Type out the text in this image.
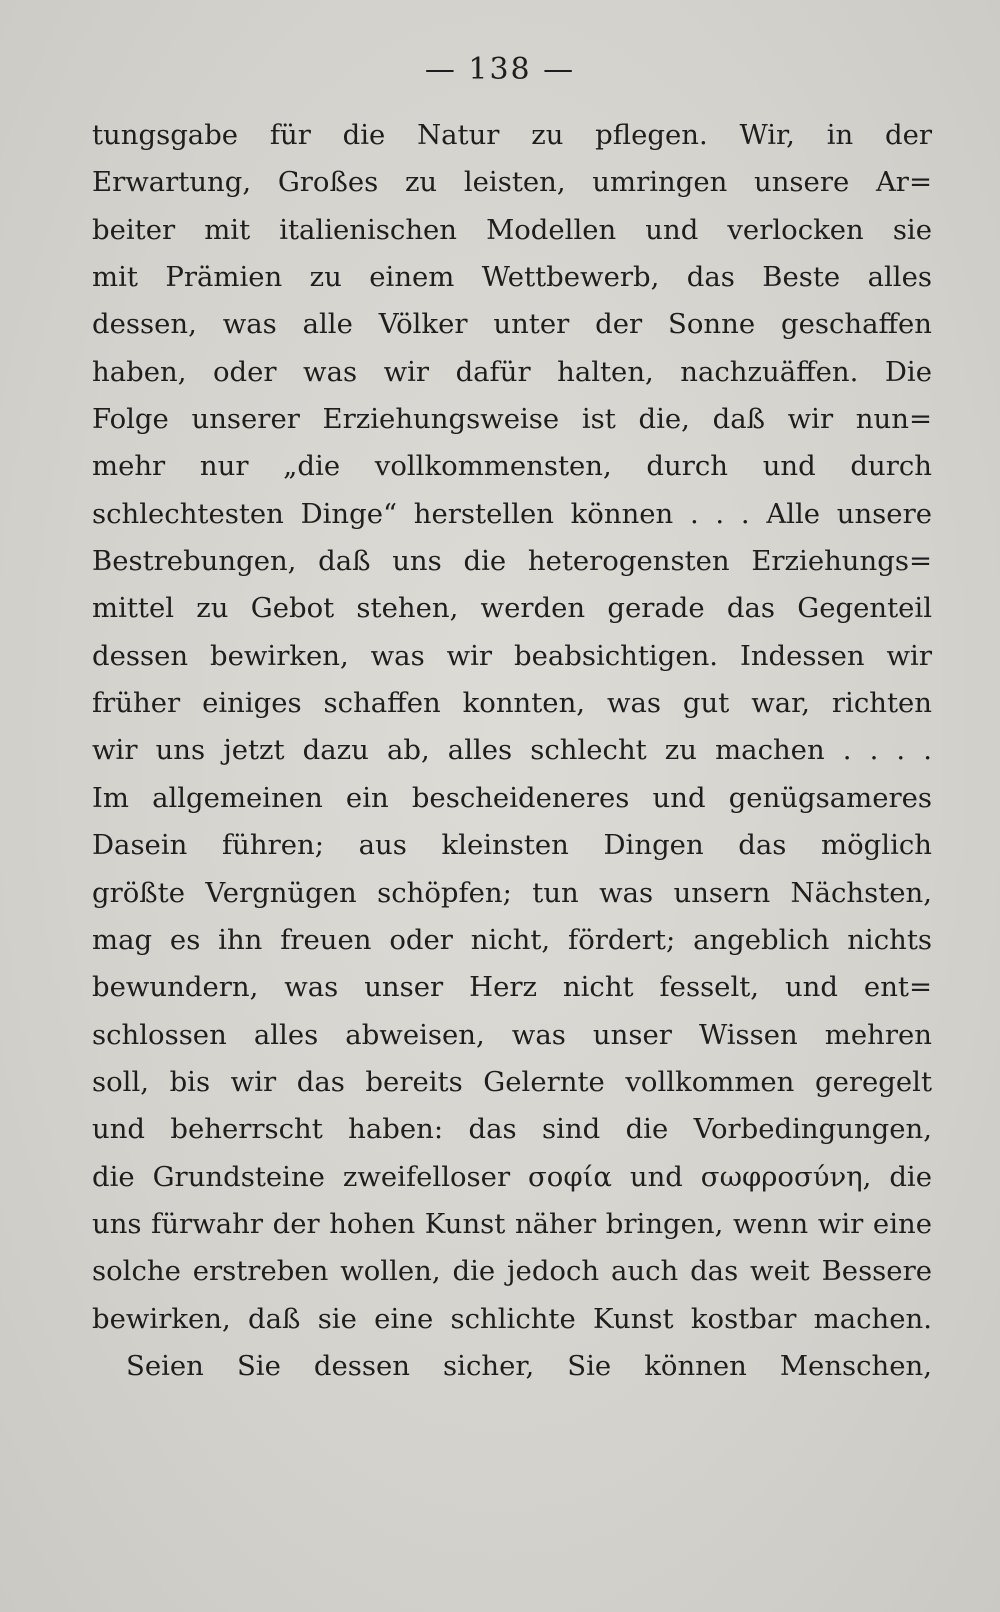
— 138 —
tungsgabe für die Natur zu pflegen. Wir, in der
Erwartung, Großes zu leisten, umringen unsere Ar=
beiter mit italienischen Modellen und verlocken sie
mit Prämien zu einem Wettbewerb, das Beste alles
dessen, was alle Völker unter der Sonne geschaffen
haben, oder was wir dafür halten, nachzuäffen. Die
Folge unserer Erziehungsweise ist die, daß wir nun=
mehr nur „die vollkommensten, durch und durch
schlechtesten Dinge“ herstellen können . . . Alle unsere
Bestrebungen, daß uns die heterogensten Erziehungs=
mittel zu Gebot stehen, werden gerade das Gegenteil
dessen bewirken, was wir beabsichtigen. Indessen wir
früher einiges schaffen konnten, was gut war, richten
wir uns jetzt dazu ab, alles schlecht zu machen . . . .
Im allgemeinen ein bescheideneres und genügsameres
Dasein führen; aus kleinsten Dingen das möglich
größte Vergnügen schöpfen; tun was unsern Nächsten,
mag es ihn freuen oder nicht, fördert; angeblich nichts
bewundern, was unser Herz nicht fesselt, und ent=
schlossen alles abweisen, was unser Wissen mehren
soll, bis wir das bereits Gelernte vollkommen geregelt
und beherrscht haben: das sind die Vorbedingungen,
die Grundsteine zweifelloser σοφία und σωφροσύνη, die
uns fürwahr der hohen Kunst näher bringen, wenn wir eine
solche erstreben wollen, die jedoch auch das weit Bessere
bewirken, daß sie eine schlichte Kunst kostbar machen.
Seien Sie dessen sicher, Sie können Menschen,
